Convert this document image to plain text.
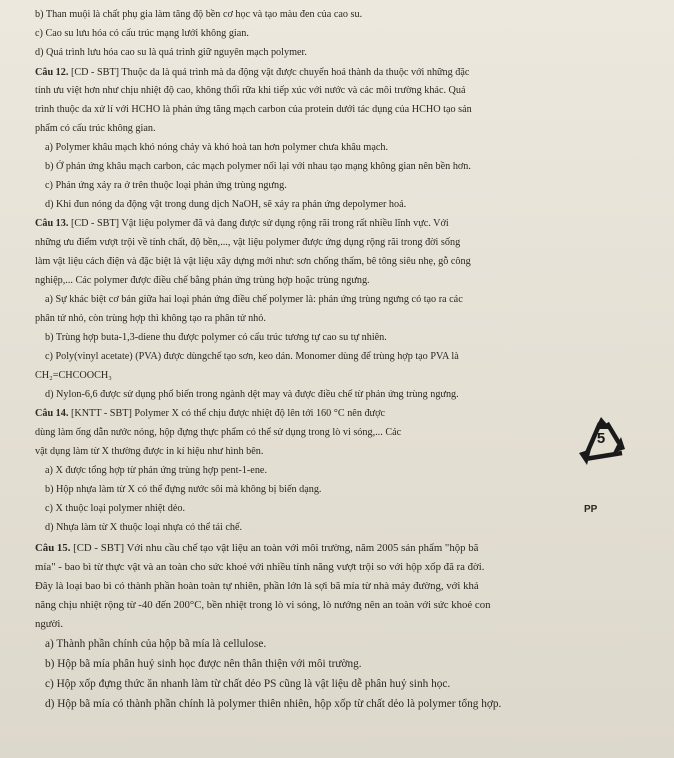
b) Than muội là chất phụ gia làm tăng độ bền cơ học và tạo màu đen của cao su.
c) Cao su lưu hóa có cấu trúc mạng lưới không gian.
d) Quá trình lưu hóa cao su là quá trình giữ nguyên mạch polymer.
Câu 12. [CD - SBT] Thuộc da là quá trình mà da động vật được chuyển hoá thành da thuộc với những đặc
tính ưu việt hơn như chịu nhiệt độ cao, không thối rữa khi tiếp xúc với nước và các môi trường khác. Quá
trình thuộc da xử lí với HCHO là phản ứng tăng mạch carbon của protein dưới tác dụng của HCHO tạo sản
phẩm có cấu trúc không gian.
a) Polymer khâu mạch khó nóng chảy và khó hoà tan hơn polymer chưa khâu mạch.
b) Ở phản ứng khâu mạch carbon, các mạch polymer nối lại với nhau tạo mạng không gian nên bền hơn.
c) Phản ứng xảy ra ở trên thuộc loại phản ứng trùng ngưng.
d) Khi đun nóng da động vật trong dung dịch NaOH, sẽ xảy ra phản ứng depolymer hoá.
Câu 13. [CD - SBT] Vật liệu polymer đã và đang được sử dụng rộng rãi trong rất nhiều lĩnh vực. Với
những ưu điểm vượt trội về tính chất, độ bền,..., vật liệu polymer được ứng dụng rộng rãi trong đời sống
làm vật liệu cách điện và đặc biệt là vật liệu xây dựng mới như: sơn chống thấm, bê tông siêu nhẹ, gỗ công
nghiệp,... Các polymer được điều chế bằng phản ứng trùng hợp hoặc trùng ngưng.
a) Sự khác biệt cơ bản giữa hai loại phản ứng điều chế polymer là: phản ứng trùng ngưng có tạo ra các
phân tử nhỏ, còn trùng hợp thì không tạo ra phân tử nhỏ.
b) Trùng hợp buta-1,3-diene thu được polymer có cấu trúc tương tự cao su tự nhiên.
c) Poly(vinyl acetate) (PVA) được dùngchế tạo sơn, keo dán. Monomer dùng để trùng hợp tạo PVA là
CH₂=CHCOOCH₃
d) Nylon-6,6 được sử dụng phổ biến trong ngành dệt may và được điều chế từ phản ứng trùng ngưng.
Câu 14. [KNTT - SBT] Polymer X có thể chịu được nhiệt độ lên tới 160 °C nên được
dùng làm ống dẫn nước nóng, hộp đựng thực phẩm có thể sử dụng trong lò vi sóng,... Các
vật dụng làm từ X thường được in kí hiệu như hình bên.
a) X được tổng hợp từ phản ứng trùng hợp pent-1-ene.
b) Hộp nhựa làm từ X có thể đựng nước sôi mà không bị biến dạng.
c) X thuộc loại polymer nhiệt dẻo.
d) Nhựa làm từ X thuộc loại nhựa có thể tái chế.
Câu 15. [CD - SBT] Với nhu cầu chế tạo vật liệu an toàn với môi trường, năm 2005 sản phẩm "hộp bã
mía" - bao bì từ thực vật và an toàn cho sức khoẻ với nhiều tính năng vượt trội so với hộp xốp đã ra đời.
Đây là loại bao bì có thành phần hoàn toàn tự nhiên, phần lớn là sợi bã mía từ nhà máy đường, với khả
năng chịu nhiệt rộng từ -40 đến 200°C, bền nhiệt trong lò vi sóng, lò nướng nên an toàn với sức khoẻ con
người.
a) Thành phần chính của hộp bã mía là cellulose.
b) Hộp bã mía phân huỷ sinh học được nên thân thiện với môi trường.
c) Hộp xốp đựng thức ăn nhanh làm từ chất dẻo PS cũng là vật liệu dễ phân huỷ sinh học.
d) Hộp bã mía có thành phần chính là polymer thiên nhiên, hộp xốp từ chất dẻo là polymer tổng hợp.
5
PP
